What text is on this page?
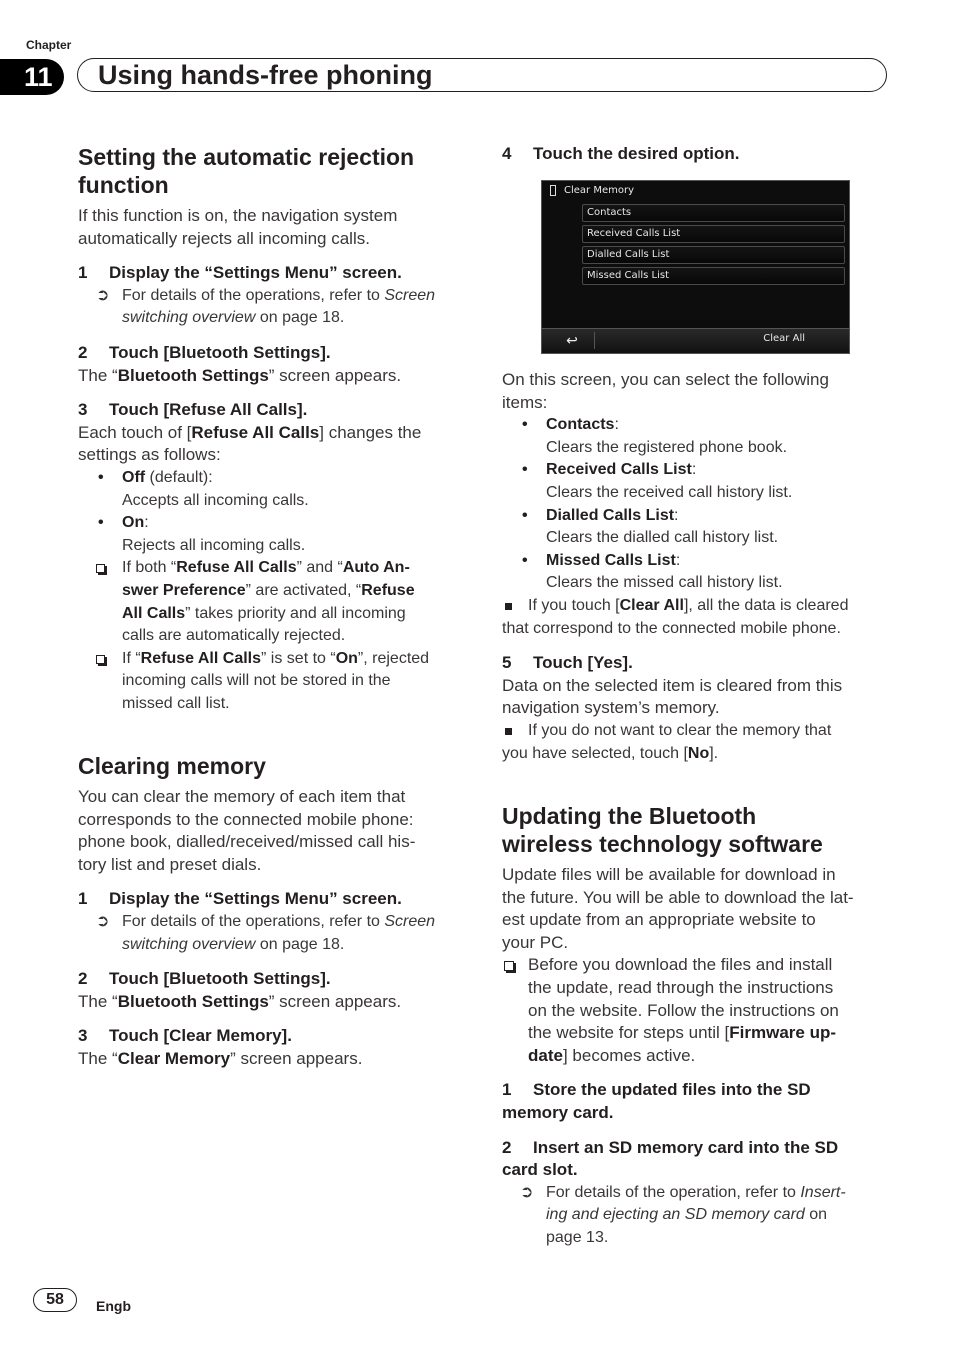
Chapter
11	Using hands-free phoning
Setting the automatic rejection
function

If this function is on, the navigation system
automatically rejects all incoming calls.

1 Display the “Settings Menu” screen.
➲ For details of the operations, refer to Screen
switching overview on page 18.
2 Touch [Bluetooth Settings].

The “Bluetooth Settings” screen appears.

3 Touch [Refuse All Calls].

Each touch of [Refuse All Calls] changes the
settings as follows:

• Off (default):
Accepts all incoming calls.
• On:
Rejects all incoming calls.
If both “Refuse All Calls” and “Auto An-
swer Preference” are activated, “Refuse
All Calls” takes priority and all incoming
calls are automatically rejected.
If “Refuse All Calls” is set to “On”, rejected
incoming calls will not be stored in the
missed call list.
Clearing memory

You can clear the memory of each item that
corresponds to the connected mobile phone:
phone book, dialled/received/missed call his-
tory list and preset dials.

1 Display the “Settings Menu” screen.
➲ For details of the operations, refer to Screen
switching overview on page 18.
2 Touch [Bluetooth Settings].

The “Bluetooth Settings” screen appears.

3 Touch [Clear Memory].

The “Clear Memory” screen appears.

4 Touch the desired option.
Clear Memory
Contacts
Received Calls List
Dialled Calls List
Missed Calls List
↩	Clear All

On this screen, you can select the following
items:

• Contacts:
Clears the registered phone book.
• Received Calls List:
Clears the received call history list.
• Dialled Calls List:
Clears the dialled call history list.
• Missed Calls List:
Clears the missed call history list.
If you touch [Clear All], all the data is cleared
that correspond to the connected mobile phone.
5 Touch [Yes].

Data on the selected item is cleared from this
navigation system’s memory.

If you do not want to clear the memory that
you have selected, touch [No].
Updating the Bluetooth
wireless technology software

Update files will be available for download in
the future. You will be able to download the lat-
est update from an appropriate website to
your PC.

Before you download the files and install
the update, read through the instructions
on the website. Follow the instructions on
the website for steps until [Firmware up-
date] becomes active.
1 Store the updated files into the SD
memory card.
2 Insert an SD memory card into the SD
card slot.
➲ For details of the operation, refer to Insert-
ing and ejecting an SD memory card on
page 13.
58	Engb
